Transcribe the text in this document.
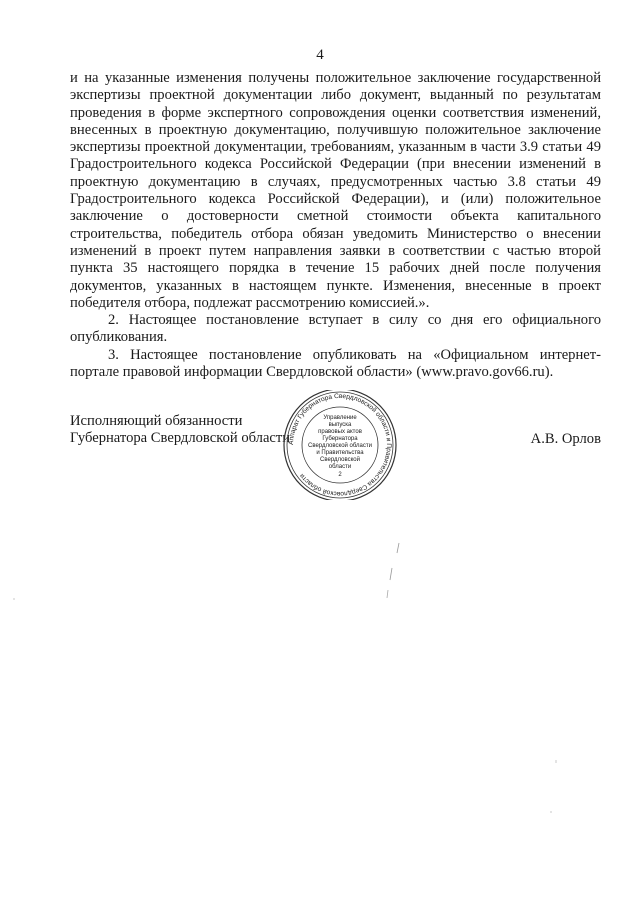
4

и на указанные изменения получены положительное заключение государственной экспертизы проектной документации либо документ, выданный по результатам проведения в форме экспертного сопровождения оценки соответствия изменений, внесенных в проектную документацию, получившую положительное заключение экспертизы проектной документации, требованиям, указанным в части 3.9 статьи 49 Градостроительного кодекса Российской Федерации (при внесении изменений в проектную документацию в случаях, предусмотренных частью 3.8 статьи 49 Градостроительного кодекса Российской Федерации), и (или) положительное заключение о достоверности сметной стоимости объекта капитального строительства, победитель отбора обязан уведомить Министерство о внесении изменений в проект путем направления заявки в соответствии с частью второй пункта 35 настоящего порядка в течение 15 рабочих дней после получения документов, указанных в настоящем пункте. Изменения, внесенные в проект победителя отбора, подлежат рассмотрению комиссией.».

2. Настоящее постановление вступает в силу со дня его официального опубликования.

3. Настоящее постановление опубликовать на «Официальном интернет-портале правовой информации Свердловской области» (www.pravo.gov66.ru).

Исполняющий обязанности
Губернатора Свердловской области	А.В. Орлов
Аппарат Губернатора Свердловской области и Правительства Свердловской области
Управление
выпуска
правовых актов
Губернатора
Свердловской области
и Правительства
Свердловской
области
2
